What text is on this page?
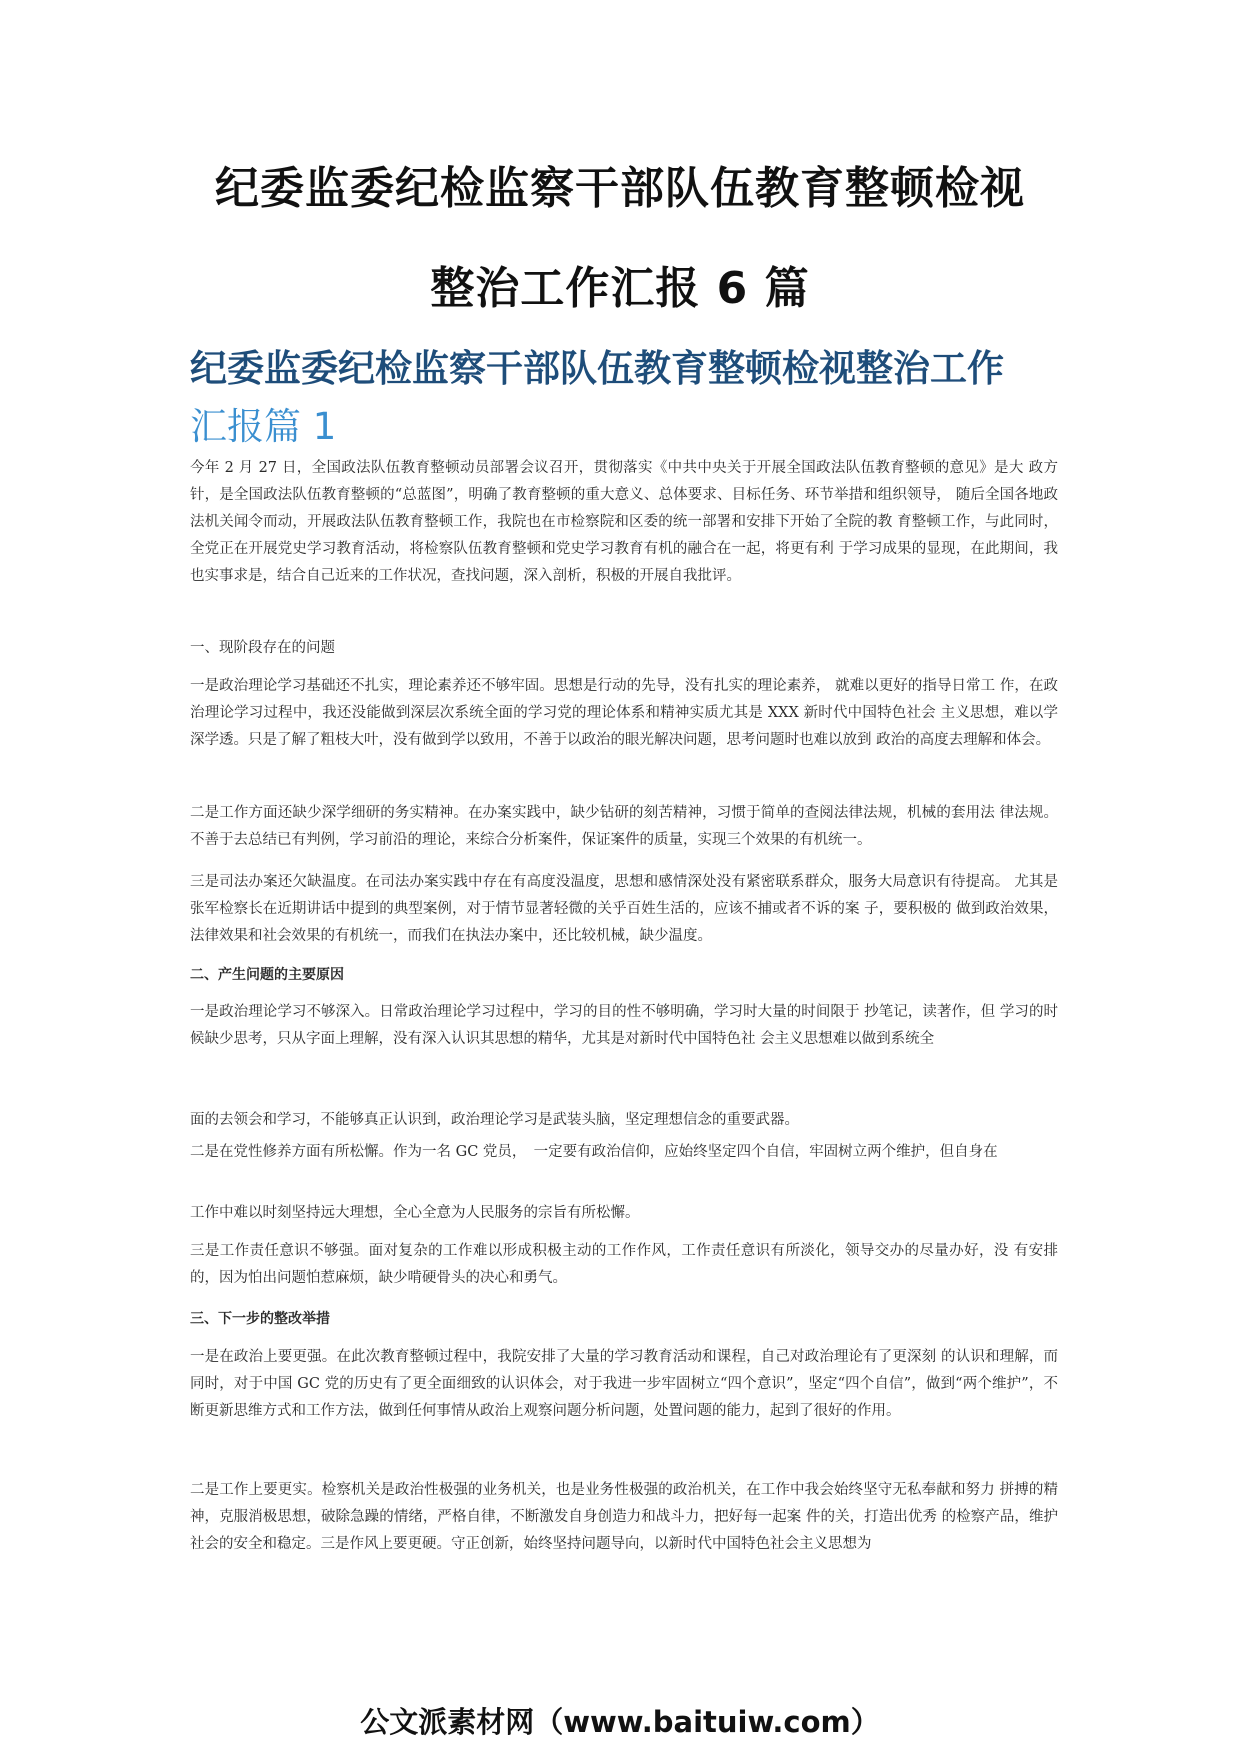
纪委监委纪检监察干部队伍教育整顿检视
整治工作汇报 6 篇
纪委监委纪检监察干部队伍教育整顿检视整治工作
汇报篇 1

今年 2 月 27 日，全国政法队伍教育整顿动员部署会议召开，贯彻落实《中共中央关于开展全国政法队伍教育整顿的意见》是大 政方针，是全国政法队伍教育整顿的“总蓝图”，明确了教育整顿的重大意义、总体要求、目标任务、环节举措和组织领导， 随后全国各地政法机关闻令而动，开展政法队伍教育整顿工作，我院也在市检察院和区委的统一部署和安排下开始了全院的教 育整顿工作，与此同时，全党正在开展党史学习教育活动，将检察队伍教育整顿和党史学习教育有机的融合在一起，将更有利 于学习成果的显现，在此期间，我也实事求是，结合自己近来的工作状况，查找问题，深入剖析，积极的开展自我批评。

一、现阶段存在的问题

一是政治理论学习基础还不扎实，理论素养还不够牢固。思想是行动的先导，没有扎实的理论素养， 就难以更好的指导日常工 作，在政治理论学习过程中，我还没能做到深层次系统全面的学习党的理论体系和精神实质尤其是 XXX 新时代中国特色社会 主义思想，难以学深学透。只是了解了粗枝大叶，没有做到学以致用，不善于以政治的眼光解决问题，思考问题时也难以放到 政治的高度去理解和体会。

二是工作方面还缺少深学细研的务实精神。在办案实践中，缺少钻研的刻苦精神，习惯于简单的查阅法律法规，机械的套用法 律法规。不善于去总结已有判例，学习前沿的理论，来综合分析案件，保证案件的质量，实现三个效果的有机统一。

三是司法办案还欠缺温度。在司法办案实践中存在有高度没温度，思想和感情深处没有紧密联系群众，服务大局意识有待提高。 尤其是张军检察长在近期讲话中提到的典型案例，对于情节显著轻微的关乎百姓生活的，应该不捕或者不诉的案 子，要积极的 做到政治效果，法律效果和社会效果的有机统一，而我们在执法办案中，还比较机械，缺少温度。

二、产生问题的主要原因

一是政治理论学习不够深入。日常政治理论学习过程中，学习的目的性不够明确，学习时大量的时间限于 抄笔记，读著作，但 学习的时候缺少思考，只从字面上理解，没有深入认识其思想的精华，尤其是对新时代中国特色社 会主义思想难以做到系统全

面的去领会和学习，不能够真正认识到，政治理论学习是武装头脑，坚定理想信念的重要武器。

二是在党性修养方面有所松懈。作为一名 GC 党员，　一定要有政治信仰，应始终坚定四个自信，牢固树立两个维护，但自身在

工作中难以时刻坚持远大理想，全心全意为人民服务的宗旨有所松懈。

三是工作责任意识不够强。面对复杂的工作难以形成积极主动的工作作风，工作责任意识有所淡化，领导交办的尽量办好，没 有安排的，因为怕出问题怕惹麻烦，缺少啃硬骨头的决心和勇气。

三、下一步的整改举措

一是在政治上要更强。在此次教育整顿过程中，我院安排了大量的学习教育活动和课程，自己对政治理论有了更深刻 的认识和理解，而同时，对于中国 GC 党的历史有了更全面细致的认识体会，对于我进一步牢固树立“四个意识”，坚定“四个自信”，做到“两个维护”，不断更新思维方式和工作方法，做到任何事情从政治上观察问题分析问题，处置问题的能力，起到了很好的作用。

二是工作上要更实。检察机关是政治性极强的业务机关，也是业务性极强的政治机关，在工作中我会始终坚守无私奉献和努力 拼搏的精神，克服消极思想，破除急躁的情绪，严格自律，不断激发自身创造力和战斗力，把好每一起案 件的关，打造出优秀 的检察产品，维护社会的安全和稳定。三是作风上要更硬。守正创新，始终坚持问题导向，以新时代中国特色社会主义思想为

公文派素材网（www.baituiw.com）
